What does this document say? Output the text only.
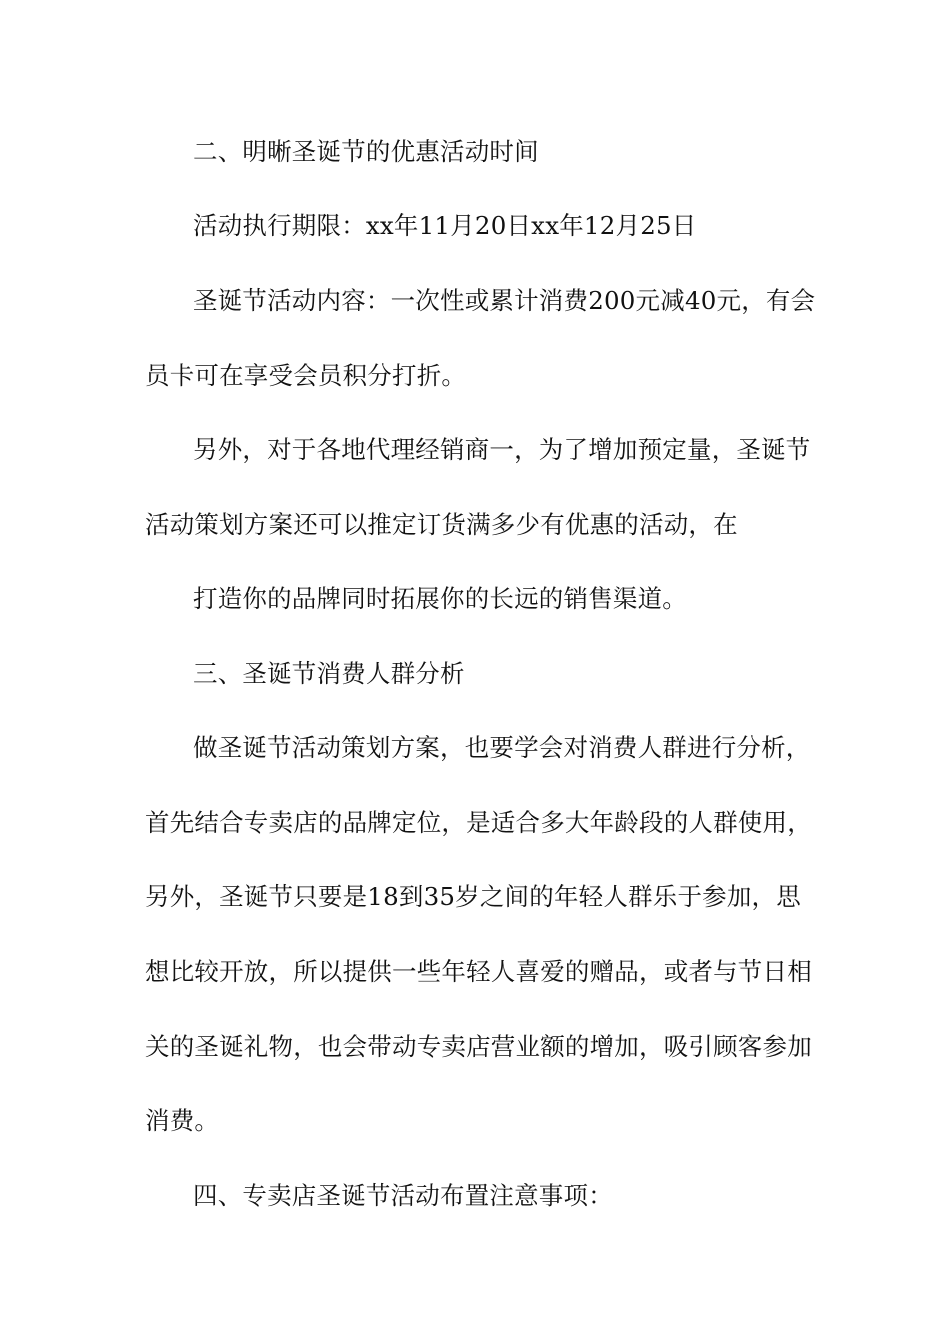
二、明晰圣诞节的优惠活动时间
活动执行期限：xx年11月20日xx年12月25日
圣诞节活动内容：一次性或累计消费200元减40元，有会
员卡可在享受会员积分打折。
另外，对于各地代理经销商一，为了增加预定量，圣诞节
活动策划方案还可以推定订货满多少有优惠的活动，在
打造你的品牌同时拓展你的长远的销售渠道。
三、圣诞节消费人群分析
做圣诞节活动策划方案，也要学会对消费人群进行分析，
首先结合专卖店的品牌定位，是适合多大年龄段的人群使用，
另外，圣诞节只要是18到35岁之间的年轻人群乐于参加，思
想比较开放，所以提供一些年轻人喜爱的赠品，或者与节日相
关的圣诞礼物，也会带动专卖店营业额的增加，吸引顾客参加
消费。
四、专卖店圣诞节活动布置注意事项：
